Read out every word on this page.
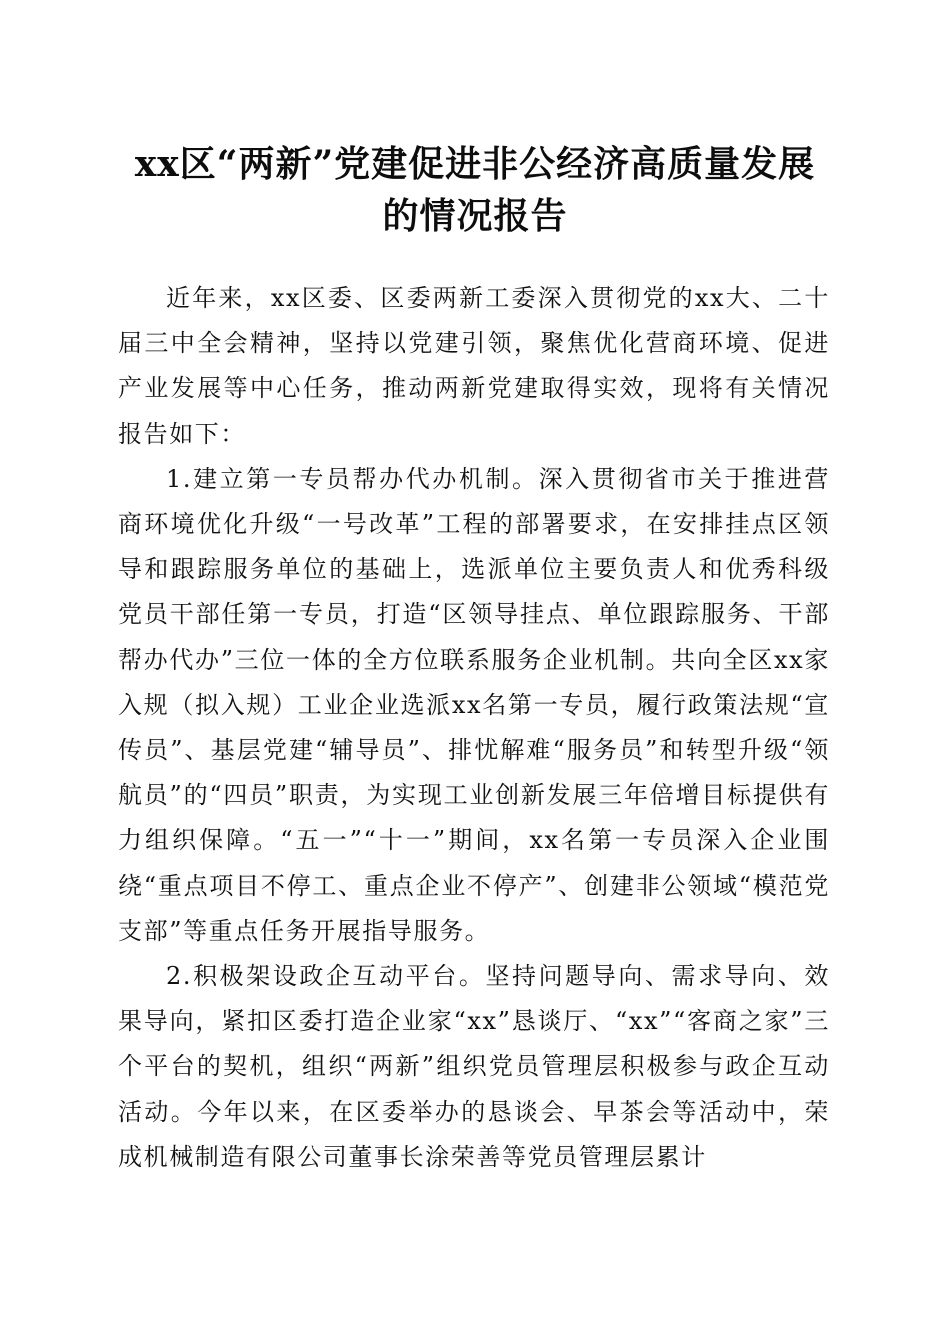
xx区“两新”党建促进非公经济高质量发展
的情况报告

近年来，xx区委、区委两新工委深入贯彻党的xx大、二十届三中全会精神，坚持以党建引领，聚焦优化营商环境、促进产业发展等中心任务，推动两新党建取得实效，现将有关情况报告如下：

1.建立第一专员帮办代办机制。深入贯彻省市关于推进营商环境优化升级“一号改革”工程的部署要求，在安排挂点区领导和跟踪服务单位的基础上，选派单位主要负责人和优秀科级党员干部任第一专员，打造“区领导挂点、单位跟踪服务、干部帮办代办”三位一体的全方位联系服务企业机制。共向全区xx家入规（拟入规）工业企业选派xx名第一专员，履行政策法规“宣传员”、基层党建“辅导员”、排忧解难“服务员”和转型升级“领航员”的“四员”职责，为实现工业创新发展三年倍增目标提供有力组织保障。“五一”“十一”期间，xx名第一专员深入企业围绕“重点项目不停工、重点企业不停产”、创建非公领域“模范党支部”等重点任务开展指导服务。

2.积极架设政企互动平台。坚持问题导向、需求导向、效果导向，紧扣区委打造企业家“xx”恳谈厅、“xx”“客商之家”三个平台的契机，组织“两新”组织党员管理层积极参与政企互动活动。今年以来，在区委举办的恳谈会、早茶会等活动中，荣成机械制造有限公司董事长涂荣善等党员管理层累计
